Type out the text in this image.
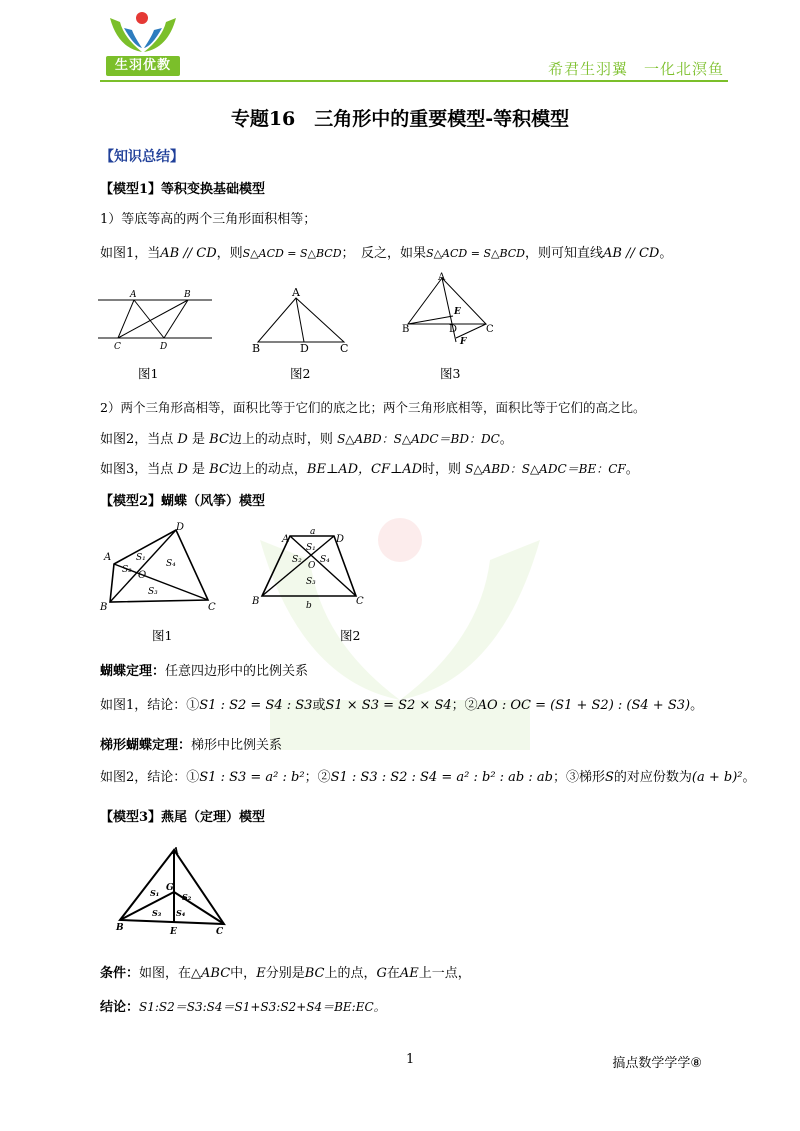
生羽优教	希君生羽翼　一化北溟鱼
专题16　三角形中的重要模型-等积模型
【知识总结】
【模型1】等积变换基础模型
1）等底等高的两个三角形面积相等；
如图1，当AB // CD，则S△ACD = S△BCD；　反之，如果S△ACD = S△BCD，则可知直线AB // CD。
A	B
C	D
A
B	D	C
A
B	D	C
E
F
图1	图2	图3
2）两个三角形高相等，面积比等于它们的底之比；两个三角形底相等，面积比等于它们的高之比。
如图2，当点 D 是 BC边上的动点时，则 S△ABD：S△ADC＝BD：DC。
如图3，当点 D 是 BC边上的动点，BE⊥AD，CF⊥AD时，则 S△ABD：S△ADC＝BE：CF。
【模型2】蝴蝶（风筝）模型
A
D
B	C
O
S₁
S₂
S₃
S₄
a
A	D
B	C
b
O
S₁
S₂
S₃
S₄
图1	图2
蝴蝶定理：任意四边形中的比例关系
如图1，结论：①S1 : S2 = S4 : S3或S1 × S3 = S2 × S4；②AO : OC = (S1 + S2) : (S4 + S3)。
梯形蝴蝶定理：梯形中比例关系
如图2，结论：①S1 : S3 = a² : b²；②S1 : S3 : S2 : S4 = a² : b² : ab : ab；③梯形S的对应份数为(a + b)²。
【模型3】燕尾（定理）模型
A
B	C
E
G
S₁	S₂
S₃ S₄
条件：如图，在△ABC中，E分别是BC上的点，G在AE上一点，
结论：S1:S2＝S3:S4＝S1+S3:S2+S4＝BE:EC。
1	搞点数学学学⑧
